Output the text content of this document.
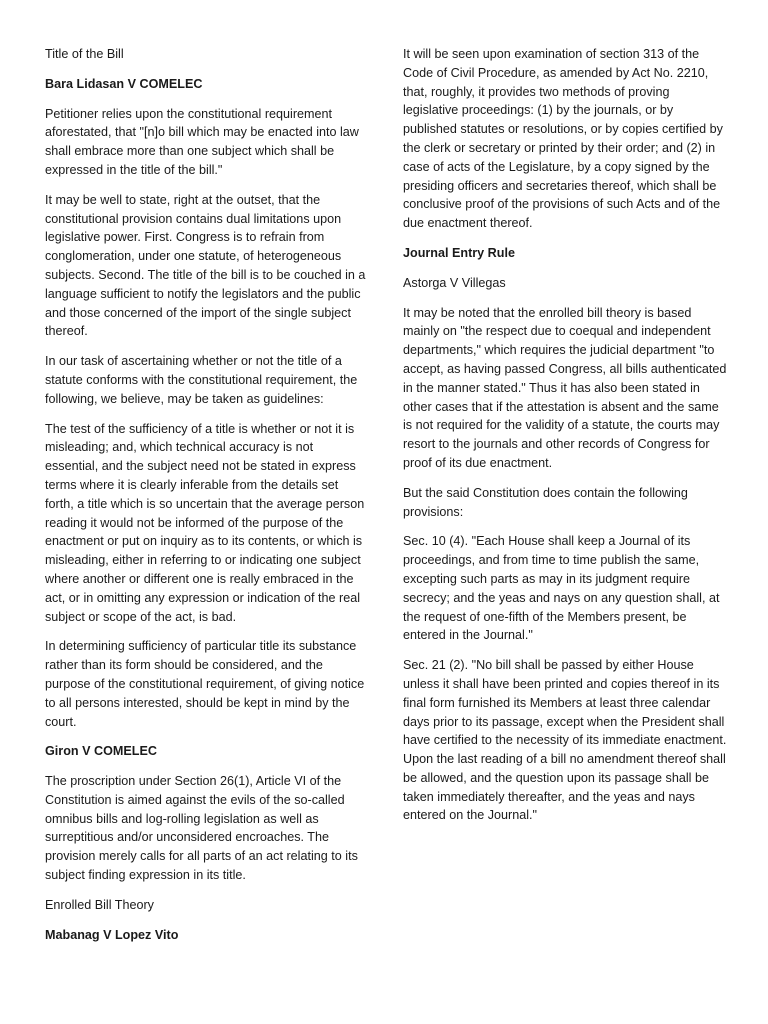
Title of the Bill

Bara Lidasan V COMELEC

Petitioner relies upon the constitutional requirement aforestated, that "[n]o bill which may be enacted into law shall embrace more than one subject which shall be expressed in the title of the bill."

It may be well to state, right at the outset, that the constitutional provision contains dual limitations upon legislative power. First. Congress is to refrain from conglomeration, under one statute, of heterogeneous subjects. Second. The title of the bill is to be couched in a language sufficient to notify the legislators and the public and those concerned of the import of the single subject thereof.

In our task of ascertaining whether or not the title of a statute conforms with the constitutional requirement, the following, we believe, may be taken as guidelines:

The test of the sufficiency of a title is whether or not it is misleading; and, which technical accuracy is not essential, and the subject need not be stated in express terms where it is clearly inferable from the details set forth, a title which is so uncertain that the average person reading it would not be informed of the purpose of the enactment or put on inquiry as to its contents, or which is misleading, either in referring to or indicating one subject where another or different one is really embraced in the act, or in omitting any expression or indication of the real subject or scope of the act, is bad.

In determining sufficiency of particular title its substance rather than its form should be considered, and the purpose of the constitutional requirement, of giving notice to all persons interested, should be kept in mind by the court.

Giron V COMELEC

The proscription under Section 26(1), Article VI of the Constitution is aimed against the evils of the so-called omnibus bills and log-rolling legislation as well as surreptitious and/or unconsidered encroaches. The provision merely calls for all parts of an act relating to its subject finding expression in its title.

Enrolled Bill Theory

Mabanag V Lopez Vito

It will be seen upon examination of section 313 of the Code of Civil Procedure, as amended by Act No. 2210, that, roughly, it provides two methods of proving legislative proceedings: (1) by the journals, or by published statutes or resolutions, or by copies certified by the clerk or secretary or printed by their order; and (2) in case of acts of the Legislature, by a copy signed by the presiding officers and secretaries thereof, which shall be conclusive proof of the provisions of such Acts and of the due enactment thereof.

Journal Entry Rule

Astorga V Villegas

It may be noted that the enrolled bill theory is based mainly on "the respect due to coequal and independent departments," which requires the judicial department "to accept, as having passed Congress, all bills authenticated in the manner stated." Thus it has also been stated in other cases that if the attestation is absent and the same is not required for the validity of a statute, the courts may resort to the journals and other records of Congress for proof of its due enactment.

But the said Constitution does contain the following provisions:

Sec. 10 (4). "Each House shall keep a Journal of its proceedings, and from time to time publish the same, excepting such parts as may in its judgment require secrecy; and the yeas and nays on any question shall, at the request of one-fifth of the Members present, be entered in the Journal."

Sec. 21 (2). "No bill shall be passed by either House unless it shall have been printed and copies thereof in its final form furnished its Members at least three calendar days prior to its passage, except when the President shall have certified to the necessity of its immediate enactment. Upon the last reading of a bill no amendment thereof shall be allowed, and the question upon its passage shall be taken immediately thereafter, and the yeas and nays entered on the Journal."
